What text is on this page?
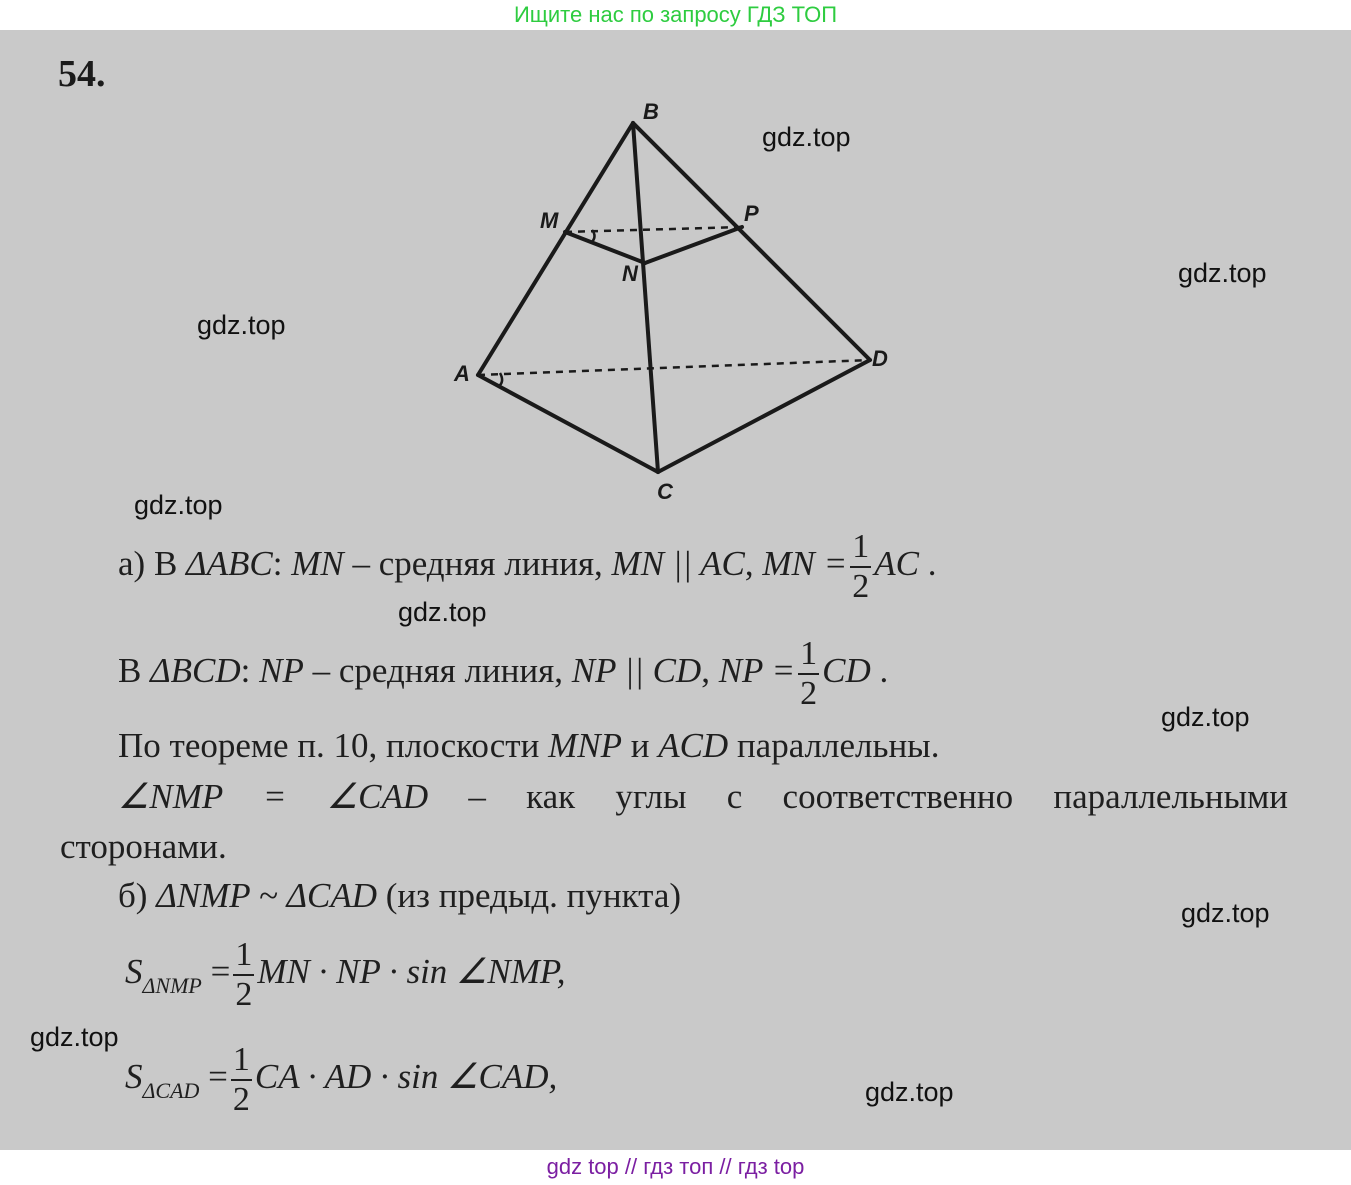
Ищите нас по запросу ГДЗ ТОП
54.
B
M	P
N
A
D
C
а) В ΔABC: MN – средняя линия, MN || AC, MN = $\frac{1}{2}$ AC .
В ΔBCD: NP – средняя линия, NP || CD, NP = $\frac{1}{2}$ CD .
По теореме п. 10, плоскости MNP и ACD параллельны.
∠NMP = ∠CAD – как углы с соответственно параллельными
сторонами.
б) ΔNMP ~ ΔCAD (из предыд. пункта)
$S_{\Delta NMP} = \frac{1}{2}$ MN · NP · sin ∠NMP,
$S_{\Delta CAD} = \frac{1}{2}$ CA · AD · sin ∠CAD,
gdz.top
gdz.top
gdz.top
gdz.top
gdz.top
gdz.top
gdz.top
gdz.top
gdz.top
gdz top // гдз топ // гдз top
